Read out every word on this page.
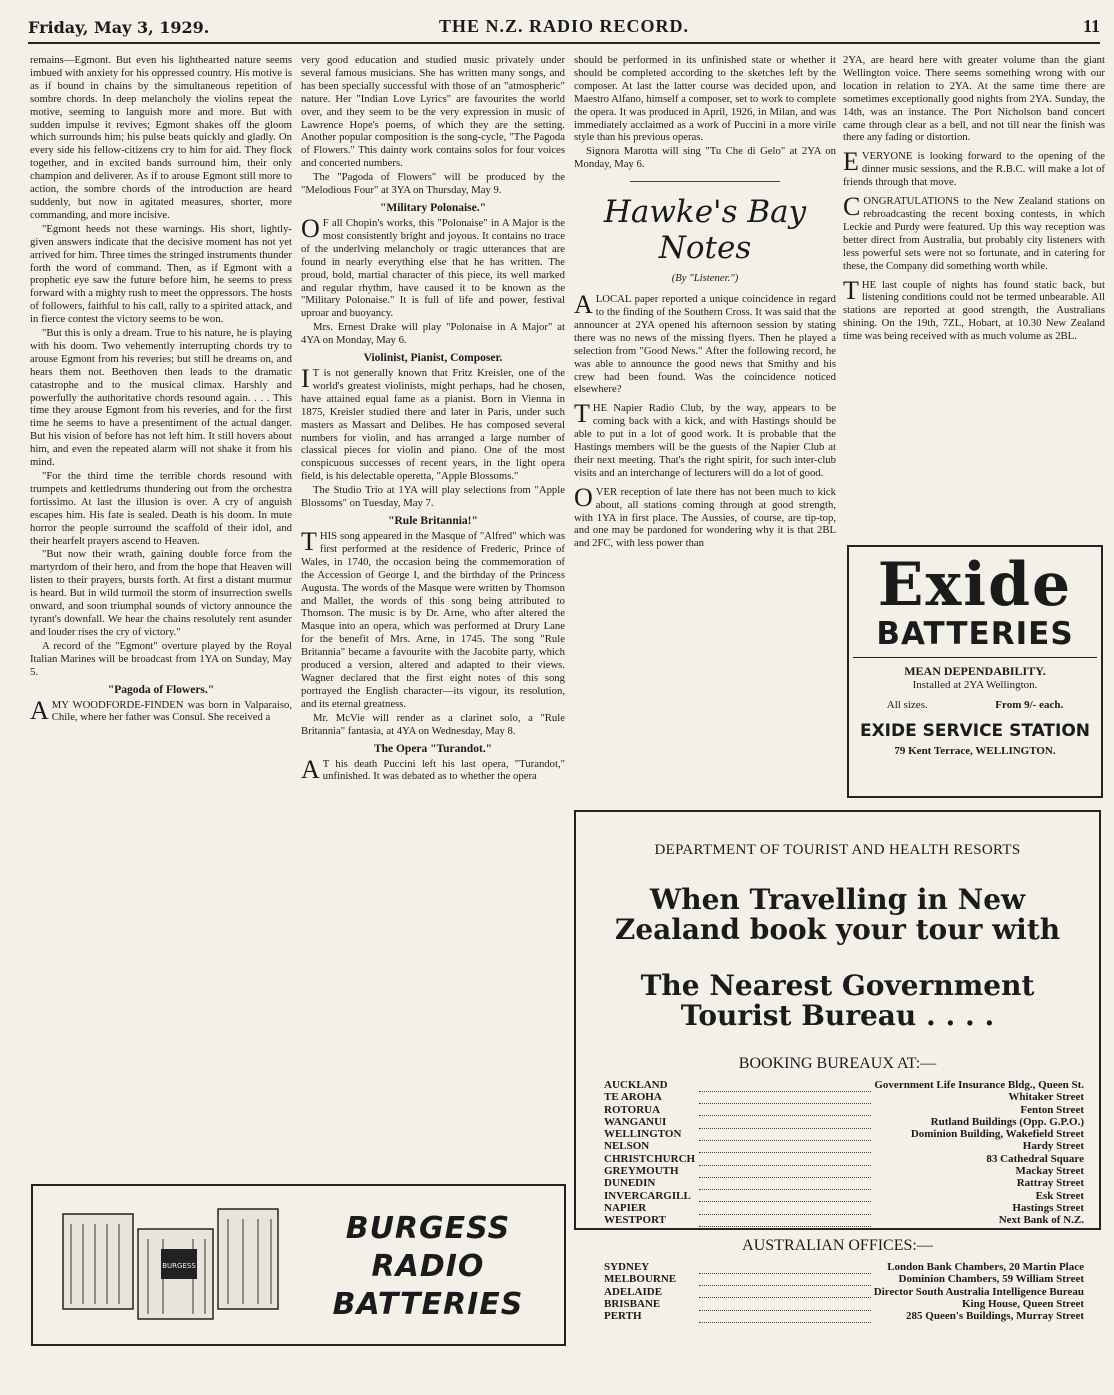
Friday, May 3, 1929.	THE N.Z. RADIO RECORD.	11

remains—Egmont. But even his lighthearted nature seems imbued with anxiety for his oppressed country. His motive is as if bound in chains by the simultaneous repetition of sombre chords. In deep melancholy the violins repeat the motive, seeming to languish more and more. But with sudden impulse it revives; Egmont shakes off the gloom which surrounds him; his pulse beats quickly and gladly. On every side his fellow-citizens cry to him for aid. They flock together, and in excited bands surround him, their only champion and deliverer. As if to arouse Egmont still more to action, the sombre chords of the introduction are heard suddenly, but now in agitated measures, shorter, more commanding, and more incisive.

"Egmont heeds not these warnings. His short, lightly-given answers indicate that the decisive moment has not yet arrived for him. Three times the stringed instruments thunder forth the word of command. Then, as if Egmont with a prophetic eye saw the future before him, he seems to press forward with a mighty rush to meet the oppressors. The hosts of followers, faithful to his call, rally to a spirited attack, and in fierce contest the victory seems to be won.

"But this is only a dream. True to his nature, he is playing with his doom. Two vehemently interrupting chords try to arouse Egmont from his reveries; but still he dreams on, and hears them not. Beethoven then leads to the dramatic catastrophe and to the musical climax. Harshly and powerfully the authoritative chords resound again. . . . This time they arouse Egmont from his reveries, and for the first time he seems to have a presentiment of the actual danger. But his vision of before has not left him. It still hovers about him, and even the repeated alarm will not shake it from his mind.

"For the third time the terrible chords resound with trumpets and kettledrums thundering out from the orchestra fortissimo. At last the illusion is over. A cry of anguish escapes him. His fate is sealed. Death is his doom. In mute horror the people surround the scaffold of their idol, and their hearfelt prayers ascend to Heaven.

"But now their wrath, gaining double force from the martyrdom of their hero, and from the hope that Heaven will listen to their prayers, bursts forth. At first a distant murmur is heard. But in wild turmoil the storm of insurrection swells onward, and soon triumphal sounds of victory announce the tyrant's downfall. We hear the chains resolutely rent asunder and louder rises the cry of victory."

A record of the "Egmont" overture played by the Royal Italian Marines will be broadcast from 1YA on Sunday, May 5.

"Pagoda of Flowers."

AMY WOODFORDE-FINDEN was born in Valparaiso, Chile, where her father was Consul. She received a

very good education and studied music privately under several famous musicians. She has written many songs, and has been specially successful with those of an "atmospheric" nature. Her "Indian Love Lyrics" are favourites the world over, and they seem to be the very expression in music of Lawrence Hope's poems, of which they are the setting. Another popular composition is the song-cycle, "The Pagoda of Flowers." This dainty work contains solos for four voices and concerted numbers.

The "Pagoda of Flowers" will be produced by the "Melodious Four" at 3YA on Thursday, May 9.

"Military Polonaise."

O F all Chopin's works, this "Polonaise" in A Major is the most consistently bright and joyous. It contains no trace of the underlving melancholy or tragic utterances that are found in nearly everything else that he has written. The proud, bold, martial character of this piece, its well marked and regular rhythm, have caused it to be known as the "Military Polonaise." It is full of life and power, festival uproar and buoyancy.

Mrs. Ernest Drake will play "Polonaise in A Major" at 4YA on Monday, May 6.

Violinist, Pianist, Composer.

I T is not generally known that Fritz Kreisler, one of the world's greatest violinists, might perhaps, had he chosen, have attained equal fame as a pianist. Born in Vienna in 1875, Kreisler studied there and later in Paris, under such masters as Massart and Delibes. He has composed several numbers for violin, and has arranged a large number of classical pieces for violin and piano. One of the most conspicuous successes of recent years, in the light opera field, is his delectable operetta, "Apple Blossoms."

The Studio Trio at 1YA will play selections from "Apple Blossoms" on Tuesday, May 7.

"Rule Britannia!"

THIS song appeared in the Masque of "Alfred" which was first performed at the residence of Frederic, Prince of Wales, in 1740, the occasion being the commemoration of the Accession of George I, and the birthday of the Princess Augusta. The words of the Masque were written by Thomson and Mallet, the words of this song being attributed to Thomson. The music is by Dr. Arne, who after altered the Masque into an opera, which was performed at Drury Lane for the benefit of Mrs. Arne, in 1745. The song "Rule Britannia" became a favourite with the Jacobite party, which produced a version, altered and adapted to their views. Wagner declared that the first eight notes of this song portrayed the English character—its vigour, its resolution, and its eternal greatness.

Mr. McVie will render as a clarinet solo, a "Rule Britannia" fantasia, at 4YA on Wednesday, May 8.

The Opera "Turandot."

A T his death Puccini left his last opera, "Turandot," unfinished. It was debated as to whether the opera

should be performed in its unfinished state or whether it should be completed according to the sketches left by the composer. At last the latter course was decided upon, and Maestro Alfano, himself a composer, set to work to complete the opera. It was produced in April, 1926, in Milan, and was immediately acclaimed as a work of Puccini in a more virile style than his previous operas.

Signora Marotta will sing "Tu Che di Gelo" at 2YA on Monday, May 6.

Hawke's Bay Notes
(By "Listener.")

ALOCAL paper reported a unique coincidence in regard to the finding of the Southern Cross. It was said that the announcer at 2YA opened his afternoon session by stating there was no news of the missing flyers. Then he played a selection from "Good News." After the following record, he was able to announce the good news that Smithy and his crew had been found. Was the coincidence noticed elsewhere?

THE Napier Radio Club, by the way, appears to be coming back with a kick, and with Hastings should be able to put in a lot of good work. It is probable that the Hastings members will be the guests of the Napier Club at their next meeting. That's the right spirit, for such inter-club visits and an interchange of lecturers will do a lot of good.

OVER reception of late there has not been much to kick about, all stations coming through at good strength, with 1YA in first place. The Aussies, of course, are tip-top, and one may be pardoned for wondering why it is that 2BL and 2FC, with less power than

2YA, are heard here with greater volume than the giant Wellington voice. There seems something wrong with our location in relation to 2YA. At the same time there are sometimes exceptionally good nights from 2YA. Sunday, the 14th, was an instance. The Port Nicholson band concert came through clear as a bell, and not till near the finish was there any fading or distortion.

EVERYONE is looking forward to the opening of the dinner music sessions, and the R.B.C. will make a lot of friends through that move.

CONGRATULATIONS to the New Zealand stations on rebroadcasting the recent boxing contests, in which Leckie and Purdy were featured. Up this way reception was better direct from Australia, but probably city listeners with less powerful sets were not so fortunate, and in catering for these, the Company did something worth while.

THE last couple of nights has found static back, but listening conditions could not be termed unbearable. All stations are reported at good strength, the Australians shining. On the 19th, 7ZL, Hobart, at 10.30 New Zealand time was being received with as much volume as 2BL.

Exide
BATTERIES
MEAN DEPENDABILITY.
Installed at 2YA Wellington.
All sizes.	From 9/- each.
EXIDE SERVICE STATION
79 Kent Terrace, WELLINGTON.
DEPARTMENT OF TOURIST AND HEALTH RESORTS
When Travelling in New Zealand book your tour with
The Nearest Government Tourist Bureau . . . .
BOOKING BUREAUX AT:—
AUCKLAND		Government Life Insurance Bldg., Queen St.
TE AROHA		Whitaker Street
ROTORUA		Fenton Street
WANGANUI		Rutland Buildings (Opp. G.P.O.)
WELLINGTON		Dominion Building, Wakefield Street
NELSON		Hardy Street
CHRISTCHURCH		83 Cathedral Square
GREYMOUTH		Mackay Street
DUNEDIN		Rattray Street
INVERCARGILL		Esk Street
NAPIER		Hastings Street
WESTPORT		Next Bank of N.Z.
AUSTRALIAN OFFICES:—
SYDNEY		London Bank Chambers, 20 Martin Place
MELBOURNE		Dominion Chambers, 59 William Street
ADELAIDE		Director South Australia Intelligence Bureau
BRISBANE		King House, Queen Street
PERTH		285 Queen's Buildings, Murray Street
BURGESS
BURGESS
RADIO
BATTERIES
